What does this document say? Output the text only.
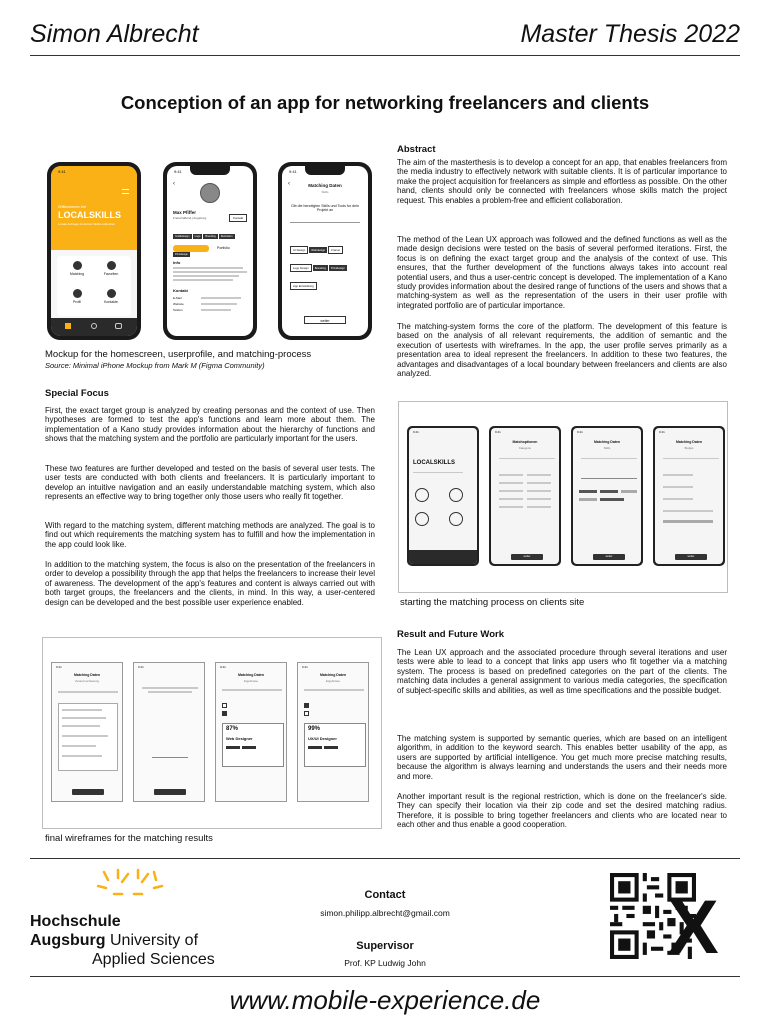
Simon Albrecht	Master Thesis 2022
Conception of an app for networking freelancers and clients
9:41
Willkommen bei
LOCALSKILLS
Lokale Auftrage zu deinen Skills entdecken
Matching	Favoriten
Profil	Kontakte
9:41
‹
Max Pfiffer
Freischaffend | Augsburg	Kontakt
Grafikdesign Logo Branding IllustrationPrintdesign
Portfolio
Info
Kontakt
E-Mail
Website
Telefon
9:41
‹	Matching Daten
Skills
Gib die benotigten Skills und Tools fur dein Projekt an
UI Design Webdesign FramerLogo Design Branding PrintdesignApp Entwicklung
weiter
Mockup for the homescreen, userprofile, and matching-process
Source: Minimal iPhone Mockup from Mark M (Figma Community)
Abstract
The aim of the masterthesis is to develop a concept for an app, that enables freelancers from the media industry to effectively network with suitable clients. It is of particular importance to make the project acquisition for freelancers as simple and effortless as possible. On the other hand, clients should only be connected with freelancers whose skills match the project request. This enables a problem-free and efficient collaboration.
The method of the Lean UX approach was followed and the defined functions as well as the made design decisions were tested on the basis of several performed iterations. First, the focus is on defining the exact target group and the analysis of the context of use. This ensures, that the further development of the functions always takes into account real potential users, and thus a user-centric concept is developed. The implementation of a Kano study provides information about the desired range of functions of the users and shows that a matching-system as well as the representation of the users in their user profile with integrated portfolio are of particular importance.
The matching-system forms the core of the platform. The development of this feature is based on the analysis of all relevant requirements, the addition of semantic and the execution of usertests with wireframes. In the app, the user profile serves primarily as a presentation area to ideal represent the freelancers. In addition to these two features, the advantages and disadvantages of a local boundary between freelancers and clients are also analyzed.
Special Focus
First, the exact target group is analyzed by creating personas and the context of use. Then hypotheses are formed to test the app's functions and learn more about them. The implementation of a Kano study provides information about the hierarchy of functions and shows that the matching system and the portfolio are particularly important for the users.
These two features are further developed and tested on the basis of several user tests. The user tests are conducted with both clients and freelancers. It is particularly important to develop an intuitive navigation and an easily understandable matching system, which also represents an effective way to bring together only those users who really fit together.
With regard to the matching system, different matching methods are analyzed. The goal is to find out which requirements the matching system has to fulfill and how the implementation in the app could look like.
In addition to the matching system, the focus is also on the presentation of the freelancers in order to develop a possibility through the app that helps the freelancers to increase their level of awareness. The development of the app's features and content is always carried out with both target groups, the freelancers and the clients, in mind. In this way, a user-centered design can be developed and the best possible user experience enabled.
9:41
LOCALSKILLS
9:41
Matchoptionen
Kategorie
weiter
9:41
Matching Daten
Skills
weiter
9:41
Matching Daten
Budget
weiter
starting the matching process on clients site
Result and Future Work
The Lean UX approach and the associated procedure through several iterations and user tests were able to lead to a concept that links app users who fit together via a matching system. The process is based on predefined categories on the part of the clients. The matching data includes a general assignment to various media categories, the specification of subject-specific skills and abilities, as well as time specifications and the possible budget.
The matching system is supported by semantic queries, which are based on an intelligent algorithm, in addition to the keyword search. This enables better usability of the app, as users are supported by artificial intelligence. You get much more precise matching results, because the algorithm is always learning and understands the users and their needs more and more.
Another important result is the regional restriction, which is done on the freelancer's side. They can specify their location via their zip code and set the desired matching radius. Therefore, it is possible to bring together freelancers and clients who are located near to each other and thus enable a good cooperation.
9:41
Matching Daten
Zusammenfassung
9:41	9:41
Matching Daten
Ergebnisse
87%
Web Designer
9:41
Matching Daten
Ergebnisse
99%
UX/UI Designer
final wireframes for the matching results
Hochschule
Augsburg University of
Applied Sciences
Contact
simon.philipp.albrecht@gmail.com
Supervisor
Prof. KP Ludwig John	X
www.mobile-experience.de
